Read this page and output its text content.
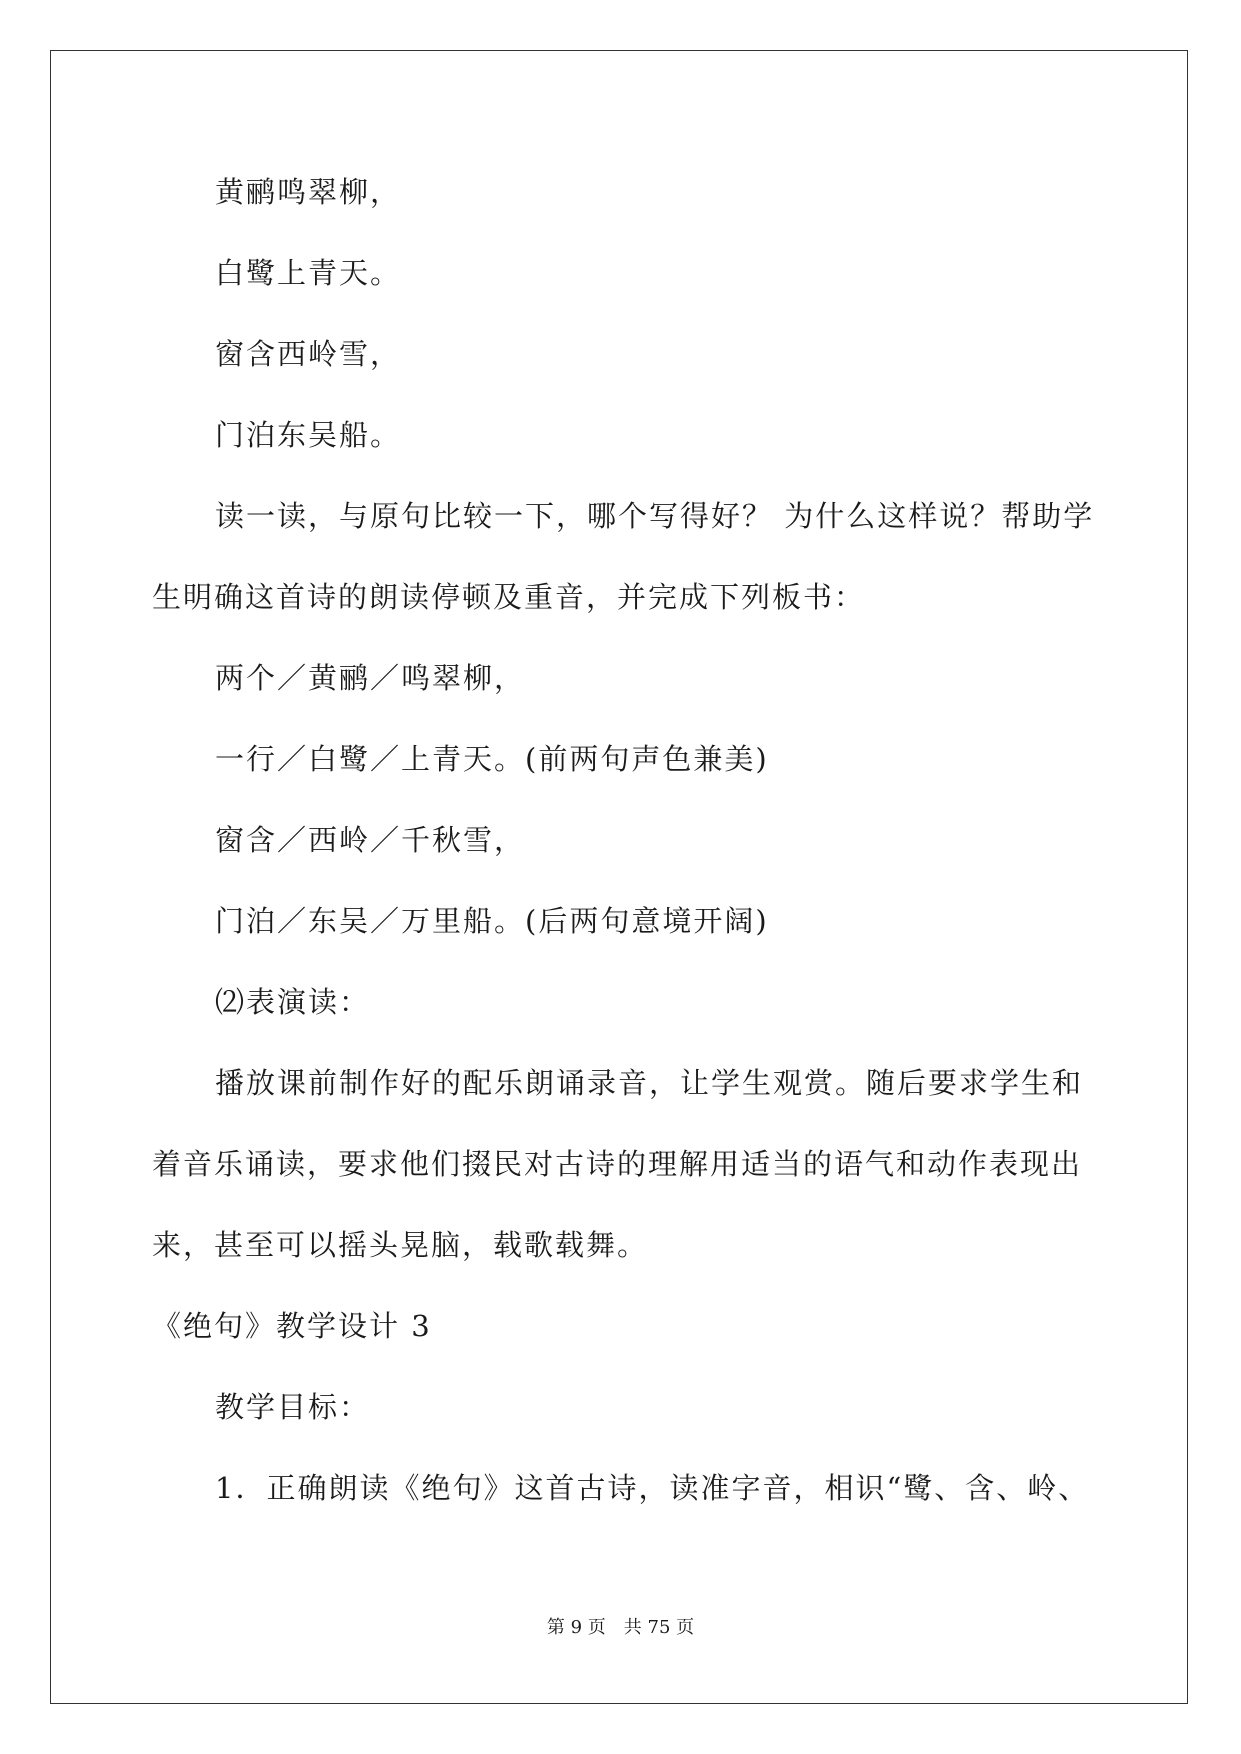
黄鹂鸣翠柳，
白鹭上青天。
窗含西岭雪，
门泊东吴船。
读一读，与原句比较一下，哪个写得好？ 为什么这样说？帮助学
生明确这首诗的朗读停顿及重音，并完成下列板书：
两个／黄鹂／鸣翠柳，
一行／白鹭／上青天。(前两句声色兼美)
窗含／西岭／千秋雪，
门泊／东吴／万里船。(后两句意境开阔)
⑵表演读：
播放课前制作好的配乐朗诵录音，让学生观赏。随后要求学生和
着音乐诵读，要求他们掇民对古诗的理解用适当的语气和动作表现出
来，甚至可以摇头晃脑，载歌载舞。
《绝句》教学设计 3
教学目标：
1．正确朗读《绝句》这首古诗，读准字音，相识“鹭、含、岭、
第 9 页　共 75 页
